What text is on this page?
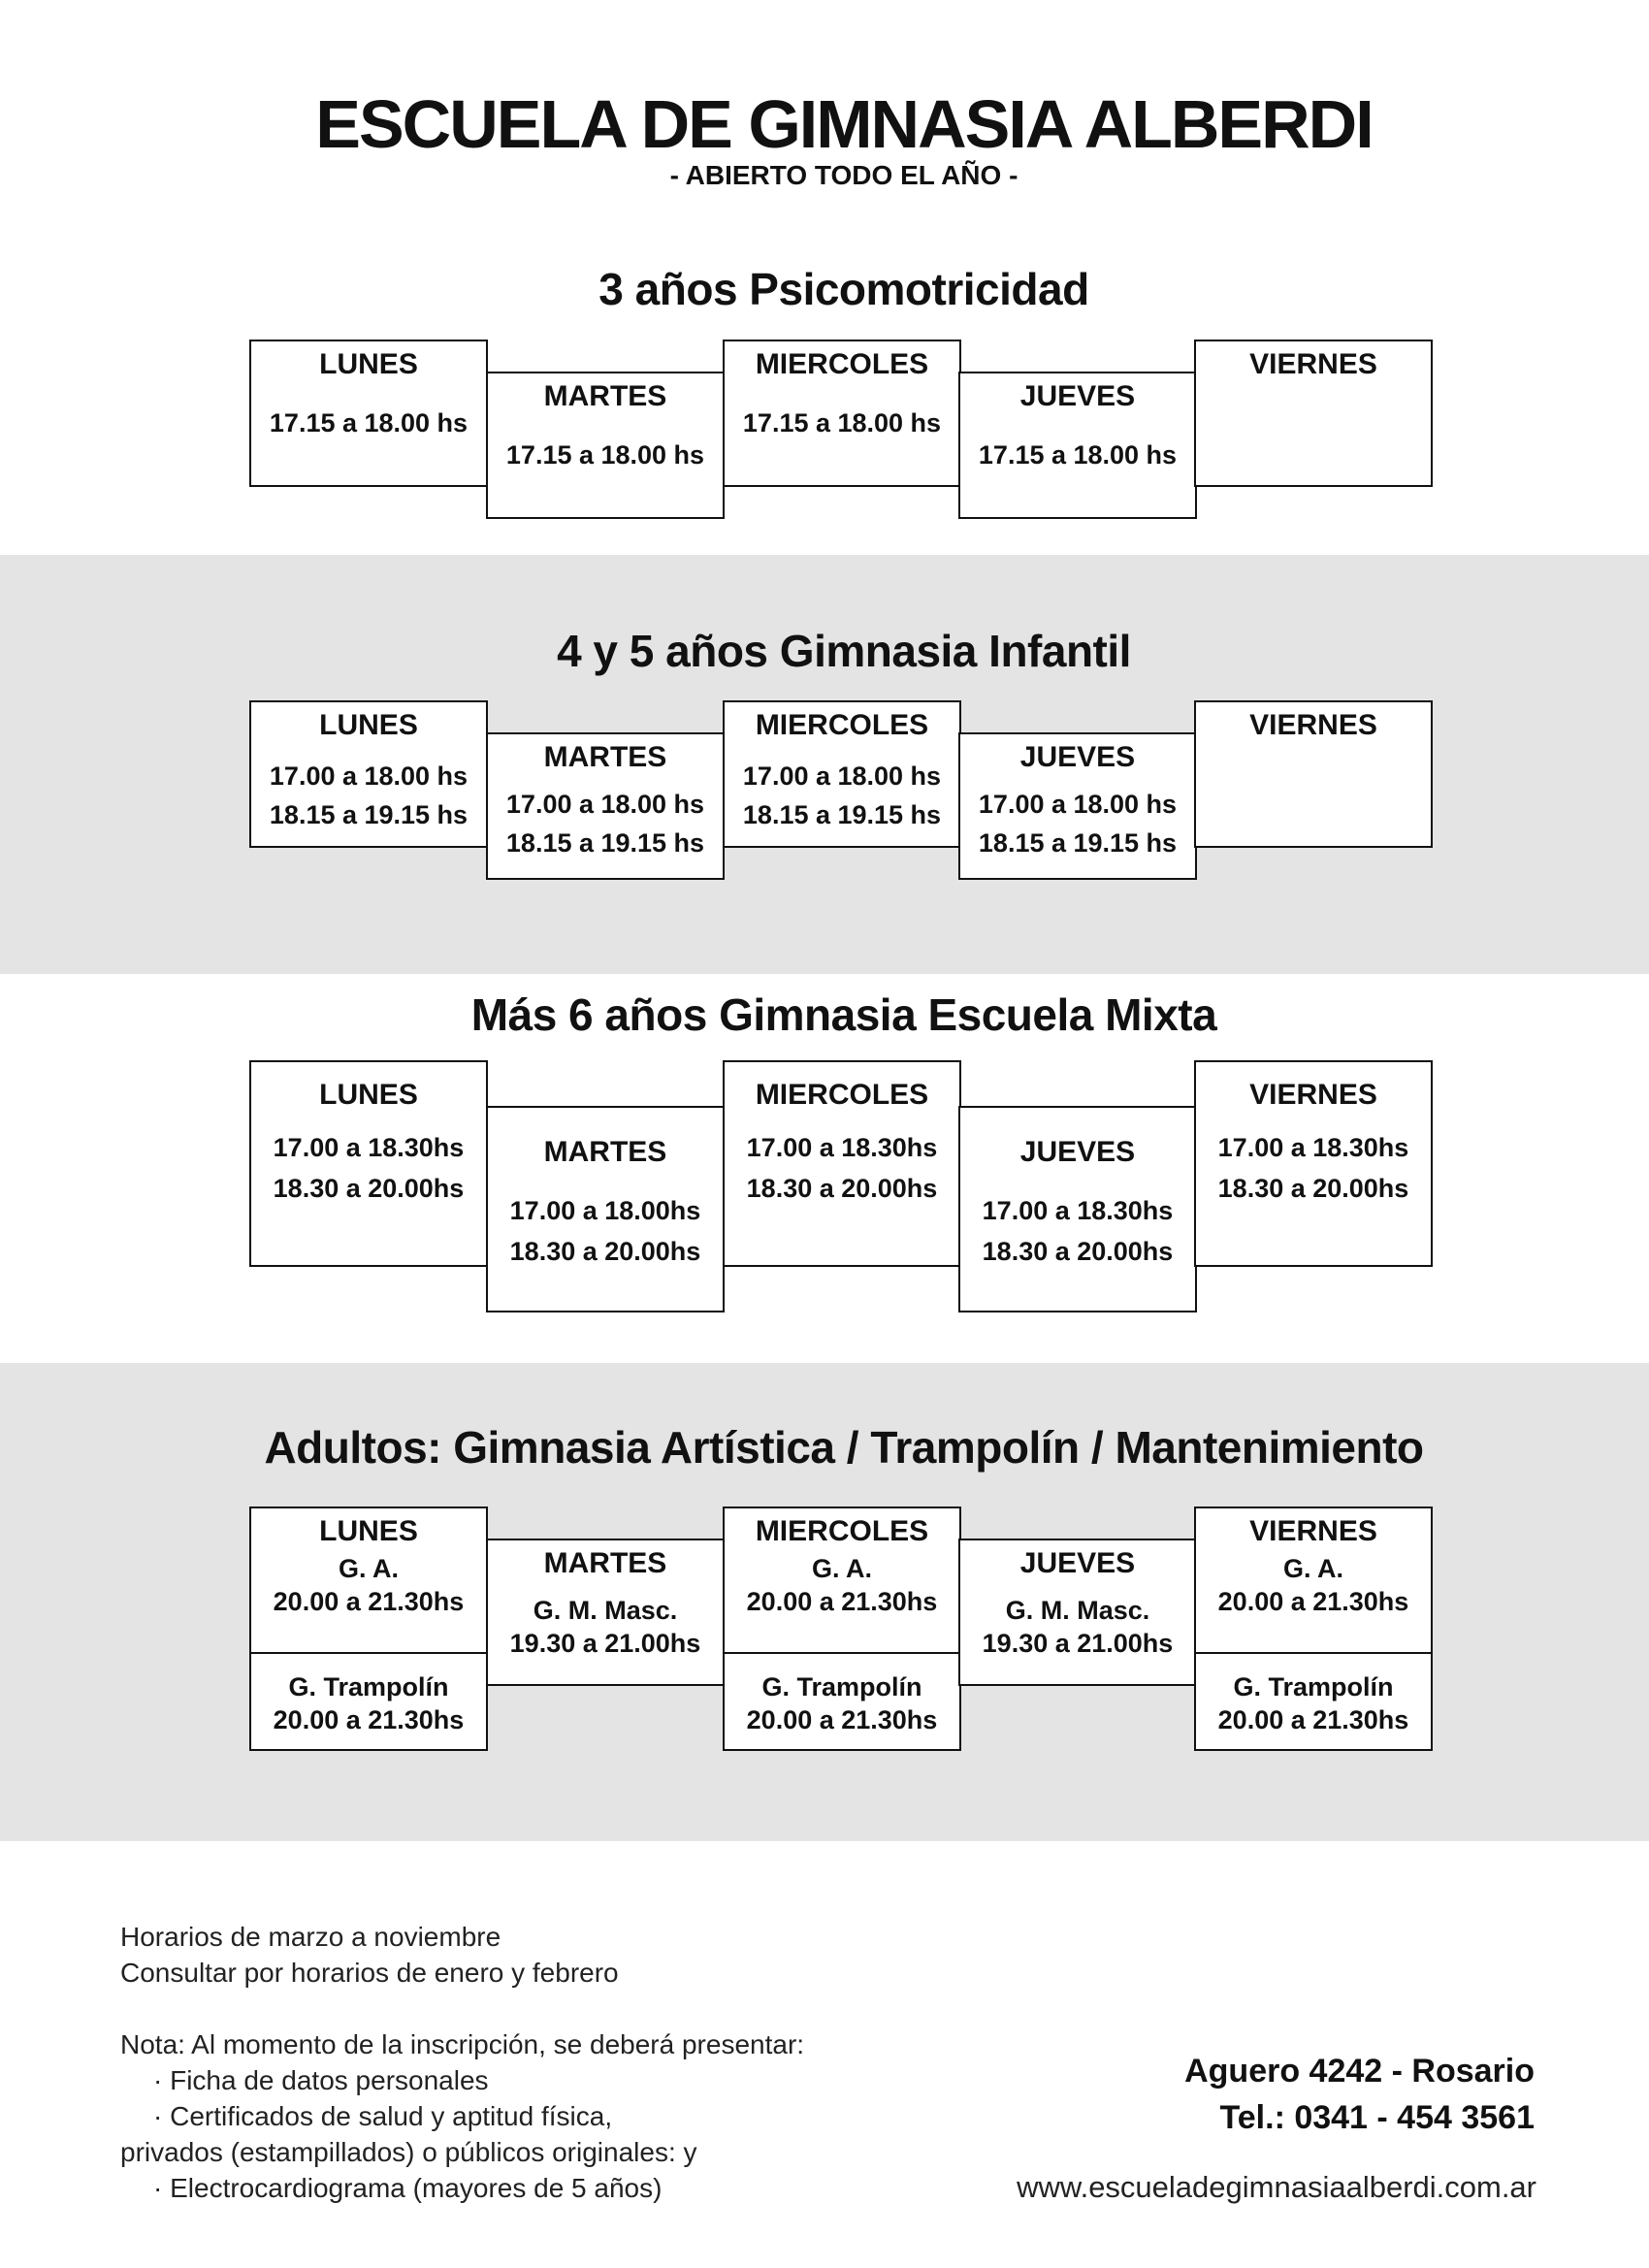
ESCUELA DE GIMNASIA ALBERDI
- ABIERTO TODO EL AÑO -
3 años Psicomotricidad
LUNES
17.15 a 18.00 hs
MARTES
17.15 a 18.00 hs
MIERCOLES
17.15 a 18.00 hs
JUEVES
17.15 a 18.00 hs
VIERNES
4 y 5 años Gimnasia Infantil
LUNES
17.00 a 18.00 hs
18.15 a 19.15 hs
MARTES
17.00 a 18.00 hs
18.15 a 19.15 hs
MIERCOLES
17.00 a 18.00 hs
18.15 a 19.15 hs
JUEVES
17.00 a 18.00 hs
18.15 a 19.15 hs
VIERNES
Más 6 años Gimnasia Escuela Mixta
LUNES
17.00 a 18.30hs
18.30 a 20.00hs
MARTES
17.00 a 18.00hs
18.30 a 20.00hs
MIERCOLES
17.00 a 18.30hs
18.30 a 20.00hs
JUEVES
17.00 a 18.30hs
18.30 a 20.00hs
VIERNES
17.00 a 18.30hs
18.30 a 20.00hs
Adultos: Gimnasia Artística / Trampolín / Mantenimiento
LUNES
G. A.
20.00 a 21.30hs
G. Trampolín
20.00 a 21.30hs
MARTES
G. M. Masc.
19.30 a 21.00hs
MIERCOLES
G. A.
20.00 a 21.30hs
G. Trampolín
20.00 a 21.30hs
JUEVES
G. M. Masc.
19.30 a 21.00hs
VIERNES
G. A.
20.00 a 21.30hs
G. Trampolín
20.00 a 21.30hs
Horarios de marzo a noviembre
Consultar por horarios de enero y febrero
Nota: Al momento de la inscripción, se deberá presentar:
· Ficha de datos personales
· Certificados de salud y aptitud física,
privados (estampillados) o públicos originales: y
· Electrocardiograma (mayores de 5 años)
Aguero 4242 - Rosario
Tel.: 0341 - 454 3561
www.escueladegimnasiaalberdi.com.ar
